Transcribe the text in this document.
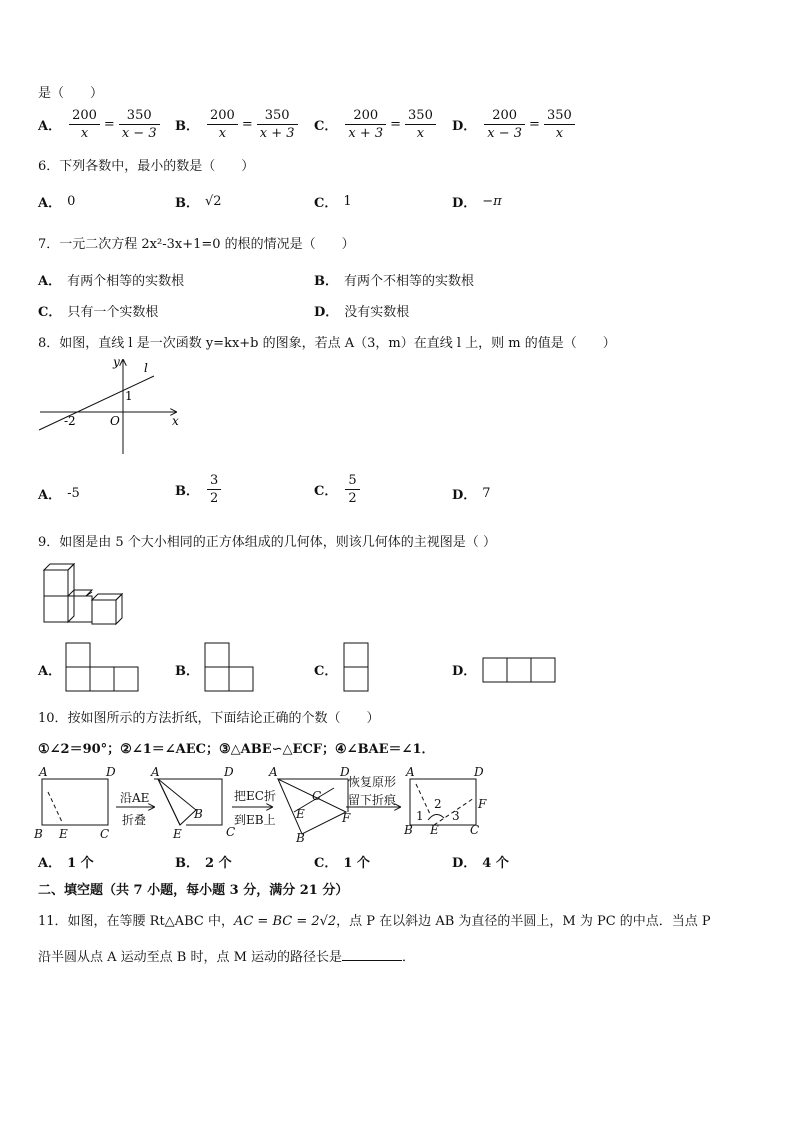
是（　　）
A． $\frac{200}{x} = \frac{350}{x - 3}$ B． $\frac{200}{x} = \frac{350}{x + 3}$ C． $\frac{200}{x + 3} = \frac{350}{x}$ D． $\frac{200}{x - 3} = \frac{350}{x}$
6．下列各数中，最小的数是（　　）
A． 0	B． √2	C． 1	D． −π
7．一元二次方程 2x²-3x+1=0 的根的情况是（　　）
A． 有两个相等的实数根	B． 有两个不相等的实数根
C． 只有一个实数根	D． 没有实数根
8．如图，直线 l 是一次函数 y=kx+b 的图象，若点 A（3，m）在直线 l 上，则 m 的值是（　　）
y
x
l
O
-2
1
A． -5	B． $\frac{3}{2}$	C． $\frac{5}{2}$	D． 7
9．如图是由 5 个大小相同的正方体组成的几何体，则该几何体的主视图是（ ）
A．	B．	C．	D．
10．按如图所示的方法折纸，下面结论正确的个数（　　）
①∠2＝90°；②∠1＝∠AEC；③△ABE∽△ECF；④∠BAE＝∠1．
A	D
B E	C
A	D
B
E	C
A	D
C
E
B
F
A	D
B E	C
F
1
2
3
沿AE
折叠
把EC折
到EB上
恢复原形
留下折痕
A． 1 个	B． 2 个	C． 1 个	D． 4 个
二、填空题（共 7 小题，每小题 3 分，满分 21 分）
11．如图，在等腰 Rt△ABC 中，AC = BC = 2√2，点 P 在以斜边 AB 为直径的半圆上，M 为 PC 的中点．当点 P
沿半圆从点 A 运动至点 B 时，点 M 运动的路径长是	．
